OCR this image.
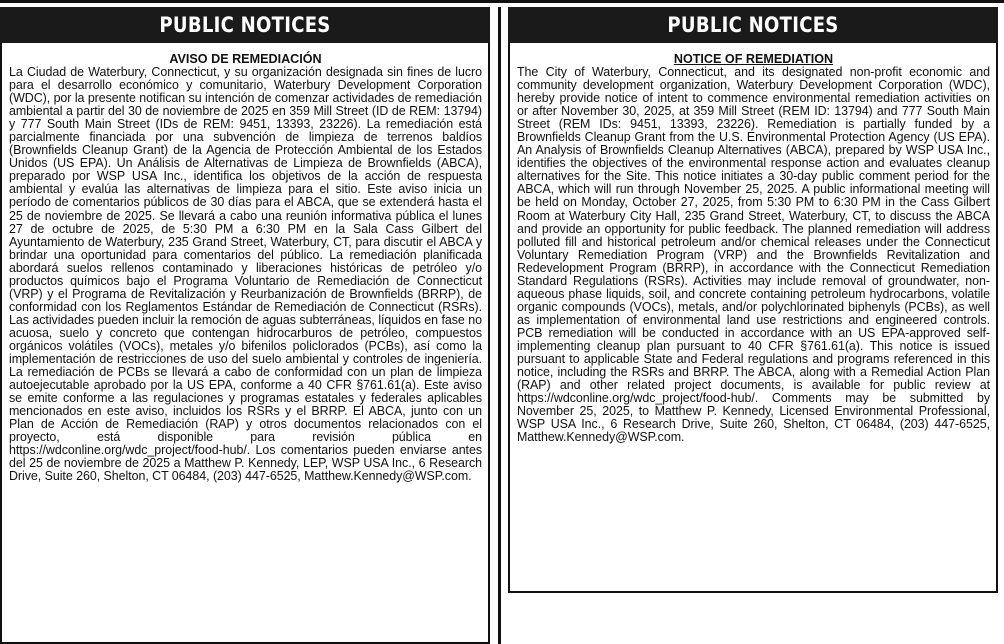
PUBLIC NOTICES
AVISO DE REMEDIACIÓN

La Ciudad de Waterbury, Connecticut, y su organización designada sin fines de lucro para el desarrollo económico y comunitario, Waterbury Development Corporation (WDC), por la presente notifican su intención de comenzar actividades de remediación ambiental a partir del 30 de noviembre de 2025 en 359 Mill Street (ID de REM: 13794) y 777 South Main Street (IDs de REM: 9451, 13393, 23226). La remediación está parcialmente financiada por una subvención de limpieza de terrenos baldíos (Brownfields Cleanup Grant) de la Agencia de Protección Ambiental de los Estados Unidos (US EPA). Un Análisis de Alternativas de Limpieza de Brownfields (ABCA), preparado por WSP USA Inc., identifica los objetivos de la acción de respuesta ambiental y evalúa las alternativas de limpieza para el sitio. Este aviso inicia un período de comentarios públicos de 30 días para el ABCA, que se extenderá hasta el 25 de noviembre de 2025. Se llevará a cabo una reunión informativa pública el lunes 27 de octubre de 2025, de 5:30 PM a 6:30 PM en la Sala Cass Gilbert del Ayuntamiento de Waterbury, 235 Grand Street, Waterbury, CT, para discutir el ABCA y brindar una oportunidad para comentarios del público. La remediación planificada abordará suelos rellenos contaminado y liberaciones históricas de petróleo y/o productos químicos bajo el Programa Voluntario de Remediación de Connecticut (VRP) y el Programa de Revitalización y Reurbanización de Brownfields (BRRP), de conformidad con los Reglamentos Estándar de Remediación de Connecticut (RSRs). Las actividades pueden incluir la remoción de aguas subterráneas, líquidos en fase no acuosa, suelo y concreto que contengan hidrocarburos de petróleo, compuestos orgánicos volátiles (VOCs), metales y/o bifenilos policlorados (PCBs), así como la implementación de restricciones de uso del suelo ambiental y controles de ingeniería. La remediación de PCBs se llevará a cabo de conformidad con un plan de limpieza autoejecutable aprobado por la US EPA, conforme a 40 CFR §761.61(a). Este aviso se emite conforme a las regulaciones y programas estatales y federales aplicables mencionados en este aviso, incluidos los RSRs y el BRRP. El ABCA, junto con un Plan de Acción de Remediación (RAP) y otros documentos relacionados con el proyecto, está disponible para revisión pública en https://wdconline.org/wdc_project/food-hub/. Los comentarios pueden enviarse antes del 25 de noviembre de 2025 a Matthew P. Kennedy, LEP, WSP USA Inc., 6 Research Drive, Suite 260, Shelton, CT 06484, (203) 447-6525, Matthew.Kennedy@WSP.com.

PUBLIC NOTICES
NOTICE OF REMEDIATION

The City of Waterbury, Connecticut, and its designated non-profit economic and community development organization, Waterbury Development Corporation (WDC), hereby provide notice of intent to commence environmental remediation activities on or after November 30, 2025, at 359 Mill Street (REM ID: 13794) and 777 South Main Street (REM IDs: 9451, 13393, 23226). Remediation is partially funded by a Brownfields Cleanup Grant from the U.S. Environmental Protection Agency (US EPA). An Analysis of Brownfields Cleanup Alternatives (ABCA), prepared by WSP USA Inc., identifies the objectives of the environmental response action and evaluates cleanup alternatives for the Site. This notice initiates a 30-day public comment period for the ABCA, which will run through November 25, 2025. A public informational meeting will be held on Monday, October 27, 2025, from 5:30 PM to 6:30 PM in the Cass Gilbert Room at Waterbury City Hall, 235 Grand Street, Waterbury, CT, to discuss the ABCA and provide an opportunity for public feedback. The planned remediation will address polluted fill and historical petroleum and/or chemical releases under the Connecticut Voluntary Remediation Program (VRP) and the Brownfields Revitalization and Redevelopment Program (BRRP), in accordance with the Connecticut Remediation Standard Regulations (RSRs). Activities may include removal of groundwater, non-aqueous phase liquids, soil, and concrete containing petroleum hydrocarbons, volatile organic compounds (VOCs), metals, and/or polychlorinated biphenyls (PCBs), as well as implementation of environmental land use restrictions and engineered controls. PCB remediation will be conducted in accordance with an US EPA-approved self-implementing cleanup plan pursuant to 40 CFR §761.61(a). This notice is issued pursuant to applicable State and Federal regulations and programs referenced in this notice, including the RSRs and BRRP. The ABCA, along with a Remedial Action Plan (RAP) and other related project documents, is available for public review at https://wdconline.org/wdc_project/food-hub/. Comments may be submitted by November 25, 2025, to Matthew P. Kennedy, Licensed Environmental Professional, WSP USA Inc., 6 Research Drive, Suite 260, Shelton, CT 06484, (203) 447-6525, Matthew.Kennedy@WSP.com.
